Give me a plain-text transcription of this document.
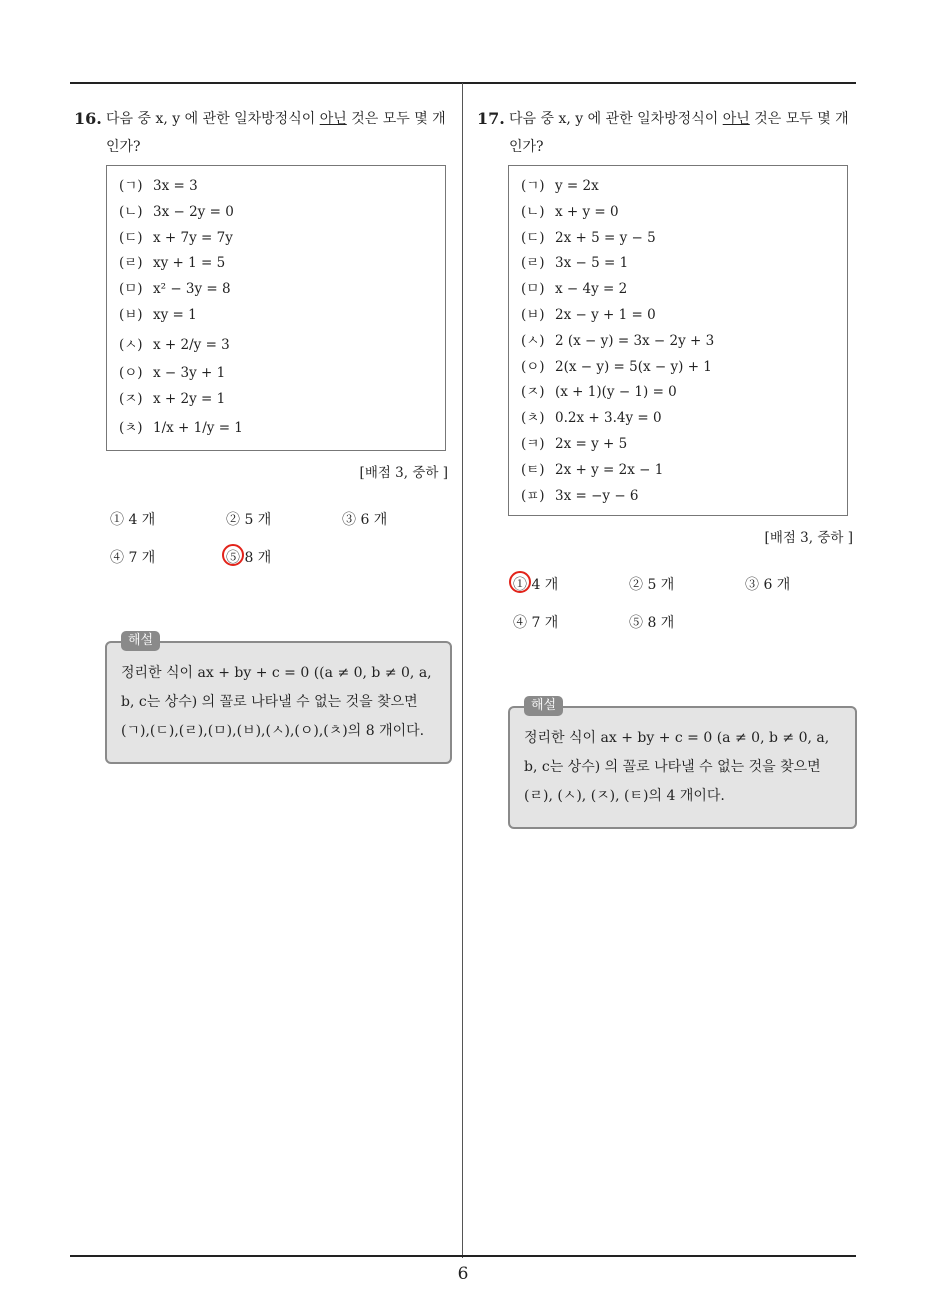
16. 다음 중 x, y 에 관한 일차방정식이 아닌 것은 모두 몇 개인가?
(ㄱ) 3x = 3
(ㄴ) 3x − 2y = 0
(ㄷ) x + 7y = 7y
(ㄹ) xy + 1 = 5
(ㅁ) x² − 3y = 8
(ㅂ) xy = 1
(ㅅ) x + 2/y = 3
(ㅇ) x − 3y + 1
(ㅈ) x + 2y = 1
(ㅊ) 1/x + 1/y = 1
[배점 3, 중하 ]
① 4 개	② 5 개	③ 6 개
④ 7 개	⑤ 8 개
해설
정리한 식이 ax + by + c = 0 ((a ≠ 0, b ≠ 0, a, b, c는 상수) 의 꼴로 나타낼 수 없는 것을 찾으면 (ㄱ),(ㄷ),(ㄹ),(ㅁ),(ㅂ),(ㅅ),(ㅇ),(ㅊ)의 8 개이다.
17. 다음 중 x, y 에 관한 일차방정식이 아닌 것은 모두 몇 개인가?
(ㄱ) y = 2x
(ㄴ) x + y = 0
(ㄷ) 2x + 5 = y − 5
(ㄹ) 3x − 5 = 1
(ㅁ) x − 4y = 2
(ㅂ) 2x − y + 1 = 0
(ㅅ) 2 (x − y) = 3x − 2y + 3
(ㅇ) 2(x − y) = 5(x − y) + 1
(ㅈ) (x + 1)(y − 1) = 0
(ㅊ) 0.2x + 3.4y = 0
(ㅋ) 2x = y + 5
(ㅌ) 2x + y = 2x − 1
(ㅍ) 3x = −y − 6
[배점 3, 중하 ]
① 4 개	② 5 개	③ 6 개
④ 7 개	⑤ 8 개
해설
정리한 식이 ax + by + c = 0 (a ≠ 0, b ≠ 0, a, b, c는 상수) 의 꼴로 나타낼 수 없는 것을 찾으면 (ㄹ), (ㅅ), (ㅈ), (ㅌ)의 4 개이다.
6
